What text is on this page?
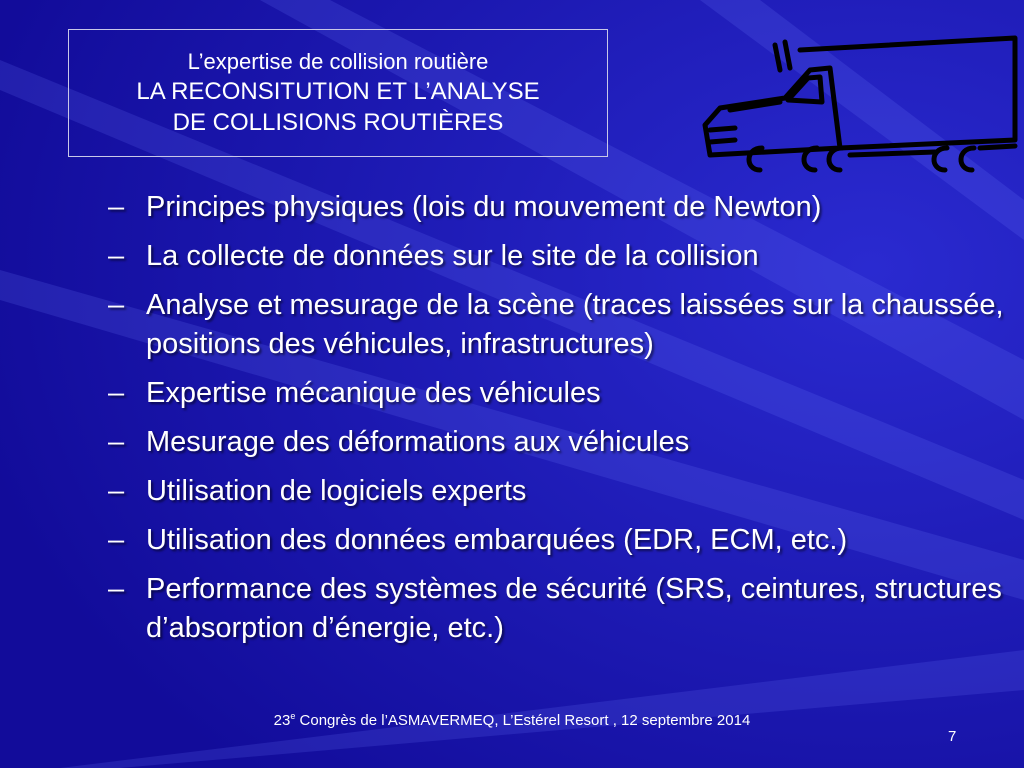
L’expertise de collision routière
LA RECONSITUTION ET L’ANALYSE
DE COLLISIONS ROUTIÈRES
– Principes physiques (lois du mouvement de Newton)
– La collecte de données sur le site de la collision
– Analyse et mesurage de la scène (traces laissées sur la chaussée, positions des véhicules, infrastructures)
– Expertise mécanique des véhicules
– Mesurage des déformations aux véhicules
– Utilisation de logiciels experts
– Utilisation des données embarquées (EDR, ECM, etc.)
– Performance des systèmes de sécurité (SRS, ceintures, structures d’absorption d’énergie, etc.)
23e Congrès de l’ASMAVERMEQ, L’Estérel Resort , 12 septembre 2014
7
